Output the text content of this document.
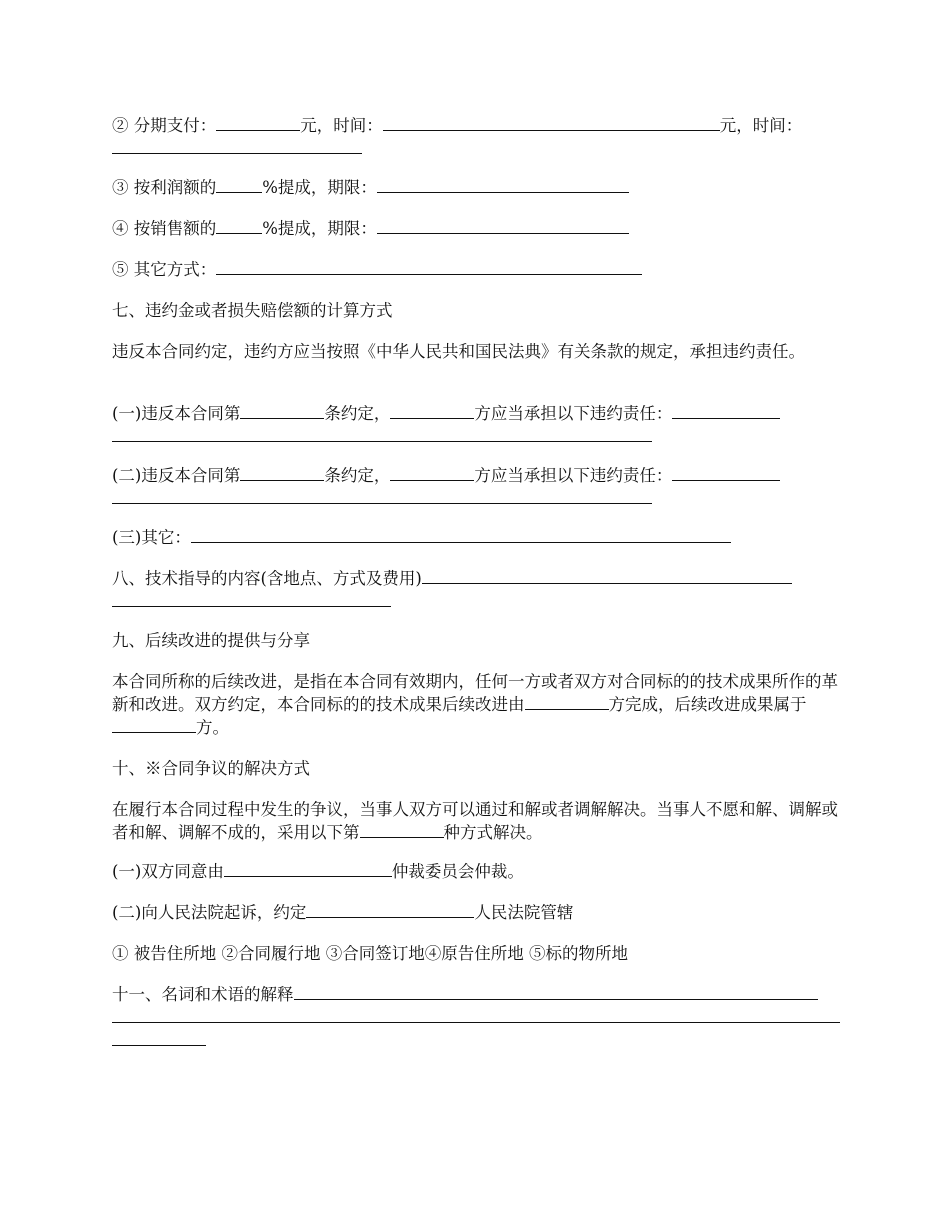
② 分期支付：	元，时间：	元，时间：
③ 按利润额的	%提成，期限：
④ 按销售额的	%提成，期限：
⑤ 其它方式：
七、违约金或者损失赔偿额的计算方式
违反本合同约定，违约方应当按照《中华人民共和国民法典》有关条款的规定，承担违约责任。
(一)违反本合同第	条约定，	方应当承担以下违约责任：
(二)违反本合同第	条约定，	方应当承担以下违约责任：
(三)其它：
八、技术指导的内容(含地点、方式及费用)
九、后续改进的提供与分享
本合同所称的后续改进，是指在本合同有效期内，任何一方或者双方对合同标的的技术成果所作的革新和改进。双方约定，本合同标的的技术成果后续改进由	方完成，后续改进成果属于方。
十、※合同争议的解决方式
在履行本合同过程中发生的争议，当事人双方可以通过和解或者调解解决。当事人不愿和解、调解或者和解、调解不成的，采用以下第	种方式解决。
(一)双方同意由	仲裁委员会仲裁。
(二)向人民法院起诉，约定	人民法院管辖
① 被告住所地 ②合同履行地 ③合同签订地④原告住所地 ⑤标的物所地
十一、名词和术语的解释
